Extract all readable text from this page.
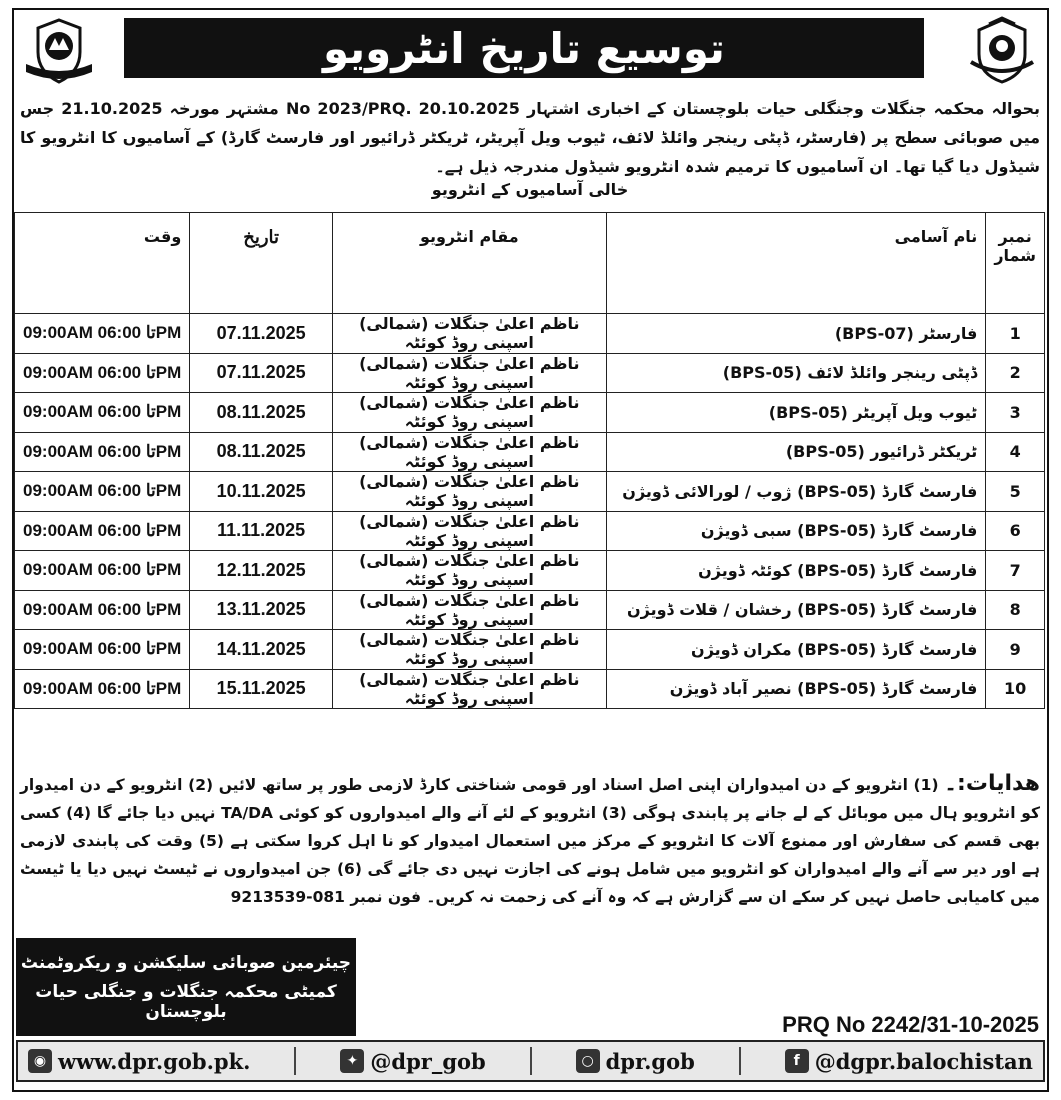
توسیع تاریخ انٹرویو
بحوالہ محکمہ جنگلات وجنگلی حیات بلوچستان کے اخباری اشتہار 20.10.2025 .No 2023/PRQ مشتہر مورخہ 21.10.2025 جس میں صوبائی سطح پر (فارسٹر، ڈپٹی رینجر وائلڈ لائف، ٹیوب ویل آپریٹر، ٹریکٹر ڈرائیور اور فارسٹ گارڈ) کے آسامیوں کا انٹرویو کا شیڈول دیا گیا تھا۔ ان آسامیوں کا ترمیم شدہ انٹرویو شیڈول مندرجہ ذیل ہے۔
خالی آسامیوں کے انٹرویو
نمبر شمار	نام آسامی	مقام انٹرویو	تاریخ	وقت
1	فارسٹر (BPS-07)	ناظم اعلیٰ جنگلات (شمالی) اسپنی روڈ کوئٹہ	07.11.2025	09:00AM تا 06:00PM
2	ڈپٹی رینجر وائلڈ لائف (BPS-05)	ناظم اعلیٰ جنگلات (شمالی) اسپنی روڈ کوئٹہ	07.11.2025	09:00AM تا 06:00PM
3	ٹیوب ویل آپریٹر (BPS-05)	ناظم اعلیٰ جنگلات (شمالی) اسپنی روڈ کوئٹہ	08.11.2025	09:00AM تا 06:00PM
4	ٹریکٹر ڈرائیور (BPS-05)	ناظم اعلیٰ جنگلات (شمالی) اسپنی روڈ کوئٹہ	08.11.2025	09:00AM تا 06:00PM
5	فارسٹ گارڈ (BPS-05) ژوب / لورالائی ڈویژن	ناظم اعلیٰ جنگلات (شمالی) اسپنی روڈ کوئٹہ	10.11.2025	09:00AM تا 06:00PM
6	فارسٹ گارڈ (BPS-05) سبی ڈویژن	ناظم اعلیٰ جنگلات (شمالی) اسپنی روڈ کوئٹہ	11.11.2025	09:00AM تا 06:00PM
7	فارسٹ گارڈ (BPS-05) کوئٹہ ڈویژن	ناظم اعلیٰ جنگلات (شمالی) اسپنی روڈ کوئٹہ	12.11.2025	09:00AM تا 06:00PM
8	فارسٹ گارڈ (BPS-05) رخشان / قلات ڈویژن	ناظم اعلیٰ جنگلات (شمالی) اسپنی روڈ کوئٹہ	13.11.2025	09:00AM تا 06:00PM
9	فارسٹ گارڈ (BPS-05) مکران ڈویژن	ناظم اعلیٰ جنگلات (شمالی) اسپنی روڈ کوئٹہ	14.11.2025	09:00AM تا 06:00PM
10	فارسٹ گارڈ (BPS-05) نصیر آباد ڈویژن	ناظم اعلیٰ جنگلات (شمالی) اسپنی روڈ کوئٹہ	15.11.2025	09:00AM تا 06:00PM
ھدایات:۔ (1) انٹرویو کے دن امیدواران اپنی اصل اسناد اور قومی شناختی کارڈ لازمی طور پر ساتھ لائیں (2) انٹرویو کے دن امیدوار کو انٹرویو ہال میں موبائل کے لے جانے پر پابندی ہوگی (3) انٹرویو کے لئے آنے والے امیدواروں کو کوئی TA/DA نہیں دیا جائے گا (4) کسی بھی قسم کی سفارش اور ممنوع آلات کا انٹرویو کے مرکز میں استعمال امیدوار کو نا اہل کروا سکتی ہے (5) وقت کی پابندی لازمی ہے اور دیر سے آنے والے امیدواران کو انٹرویو میں شامل ہونے کی اجازت نہیں دی جائے گی (6) جن امیدواروں نے ٹیسٹ نہیں دیا یا ٹیسٹ میں کامیابی حاصل نہیں کر سکے ان سے گزارش ہے کہ وہ آنے کی زحمت نہ کریں۔ فون نمبر 081-9213539
چیئرمین صوبائی سلیکشن و ریکروٹمنٹ
کمیٹی محکمہ جنگلات و جنگلی حیات بلوچستان
PRQ No 2242/31-10-2025
◉ www.dpr.gob.pk.	✦ @dpr_gob	○ dpr.gob	f @dgpr.balochistan
